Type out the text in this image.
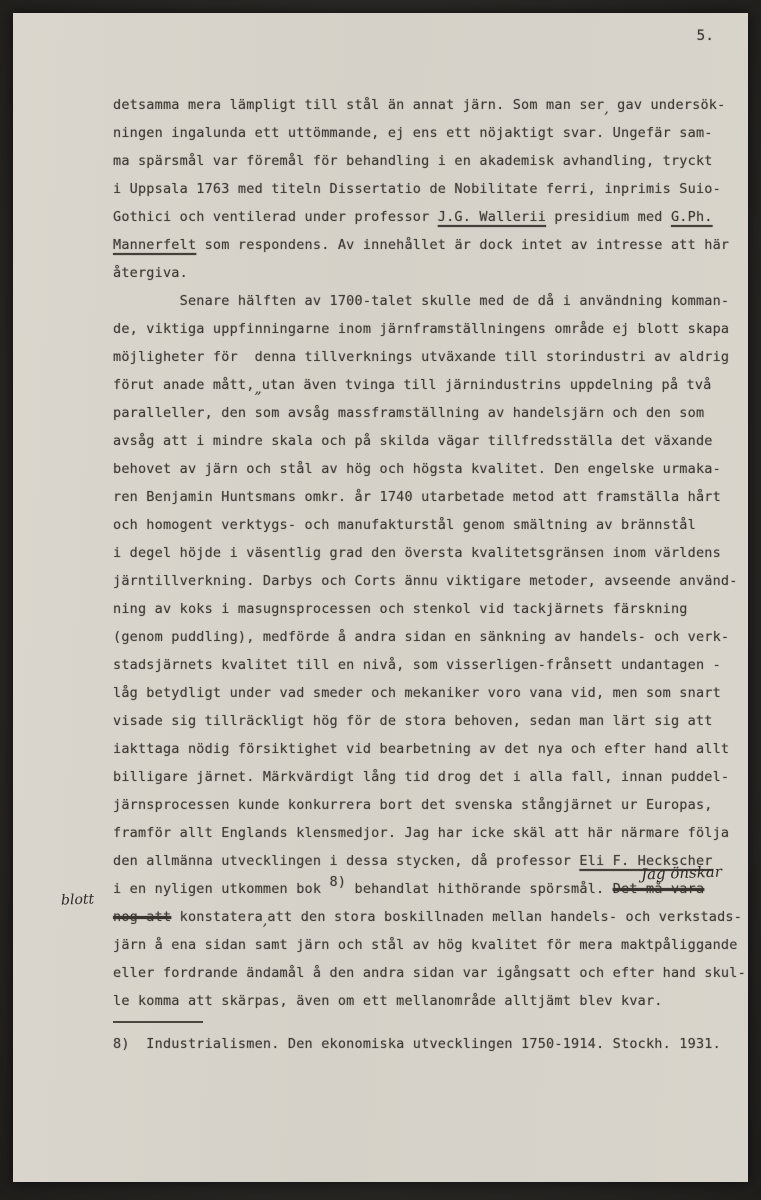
5.
detsamma mera lämpligt till stål än annat järn. Som man ser, gav undersök-
ningen ingalunda ett uttömmande, ej ens ett nöjaktigt svar. Ungefär sam-
ma spärsmål var föremål för behandling i en akademisk avhandling, tryckt
i Uppsala 1763 med titeln Dissertatio de Nobilitate ferri, inprimis Suio-
Gothici och ventilerad under professor J.G. Wallerii presidium med G.Ph.
Mannerfelt som respondens. Av innehållet är dock intet av intresse att här
återgiva.
Senare hälften av 1700-talet skulle med de då i användning komman-
de, viktiga uppfinningarne inom järnframställningens område ej blott skapa
möjligheter för  denna tillverknings utväxande till storindustri av aldrig
förut anade mått,„utan även tvinga till järnindustrins uppdelning på två
paralleller, den som avsåg massframställning av handelsjärn och den som
avsåg att i mindre skala och på skilda vägar tillfredsställa det växande
behovet av järn och stål av hög och högsta kvalitet. Den engelske urmaka-
ren Benjamin Huntsmans omkr. år 1740 utarbetade metod att framställa hårt
och homogent verktygs- och manufakturstål genom smältning av brännstål
i degel höjde i väsentlig grad den översta kvalitetsgränsen inom världens
järntillverkning. Darbys och Corts ännu viktigare metoder, avseende använd-
ning av koks i masugnsprocessen och stenkol vid tackjärnets färskning
(genom puddling), medförde å andra sidan en sänkning av handels- och verk-
stadsjärnets kvalitet till en nivå, som visserligen-frånsett undantagen -
låg betydligt under vad smeder och mekaniker voro vana vid, men som snart
visade sig tillräckligt hög för de stora behoven, sedan man lärt sig att
iakttaga nödig försiktighet vid bearbetning av det nya och efter hand allt
billigare järnet. Märkvärdigt lång tid drog det i alla fall, innan puddel-
järnsprocessen kunde konkurrera bort det svenska stångjärnet ur Europas,
framför allt Englands klensmedjor. Jag har icke skäl att här närmare följa
den allmänna utvecklingen i dessa stycken, då professor Eli F. Heckscher
i en nyligen utkommen bok 8) behandlat hithörande spörsmål. Det må vara
Jag önskar
nog att
blott
konstatera,att den stora boskillnaden mellan handels- och verkstads-
järn å ena sidan samt järn och stål av hög kvalitet för mera maktpåliggande
eller fordrande ändamål å den andra sidan var igångsatt och efter hand skul-
le komma att skärpas, även om ett mellanområde alltjämt blev kvar.
8)  Industrialismen. Den ekonomiska utvecklingen 1750-1914. Stockh. 1931.
